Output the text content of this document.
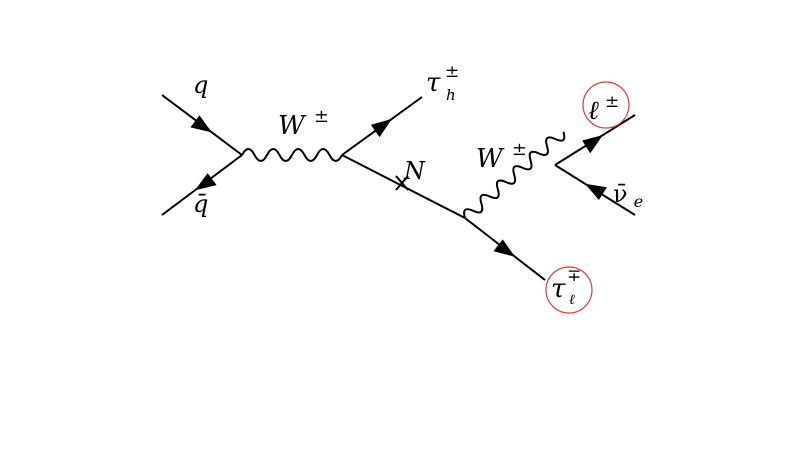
q
q̄
W ±
τ ± h
N W ±
ℓ ±
ν̄ e
τ ∓ ℓ
